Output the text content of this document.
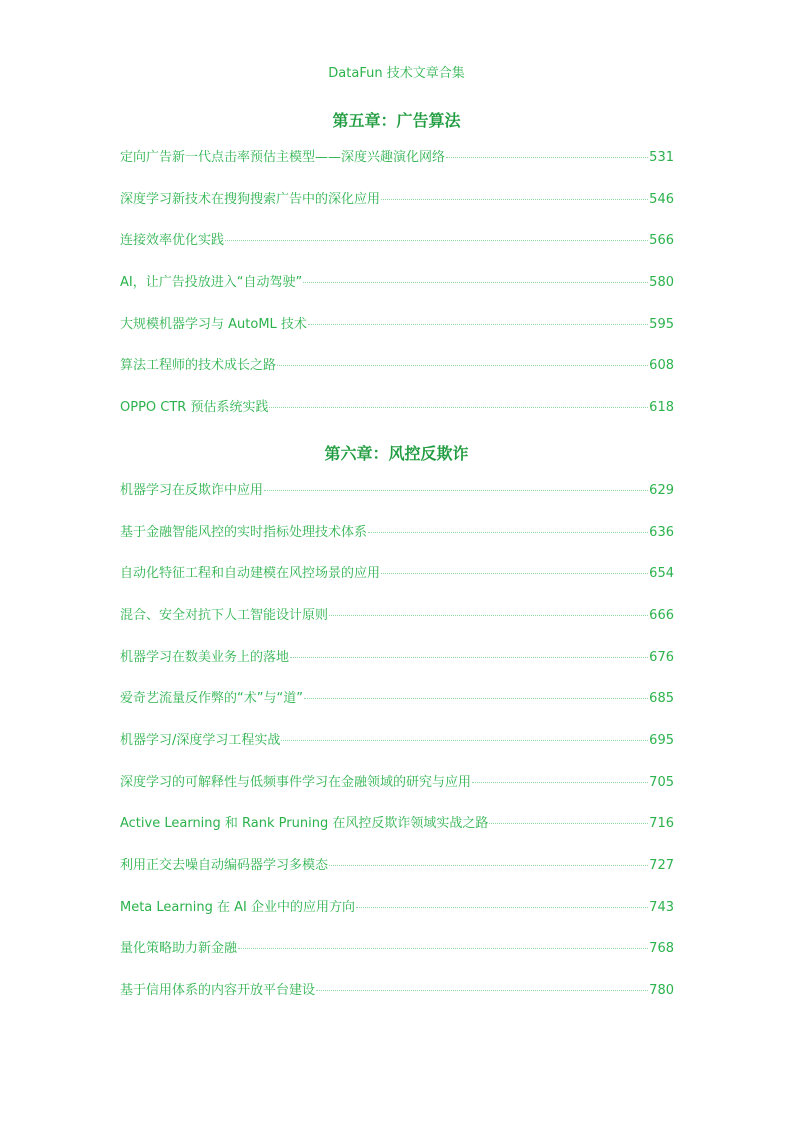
DataFun 技术文章合集
第五章：广告算法
定向广告新一代点击率预估主模型——深度兴趣演化网络	531
深度学习新技术在搜狗搜索广告中的深化应用	546
连接效率优化实践	566
AI，让广告投放进入“自动驾驶”	580
大规模机器学习与 AutoML 技术	595
算法工程师的技术成长之路	608
OPPO CTR 预估系统实践	618
第六章：风控反欺诈
机器学习在反欺诈中应用	629
基于金融智能风控的实时指标处理技术体系	636
自动化特征工程和自动建模在风控场景的应用	654
混合、安全对抗下人工智能设计原则	666
机器学习在数美业务上的落地	676
爱奇艺流量反作弊的“术”与“道”	685
机器学习/深度学习工程实战	695
深度学习的可解释性与低频事件学习在金融领域的研究与应用	705
Active Learning 和 Rank Pruning 在风控反欺诈领域实战之路	716
利用正交去噪自动编码器学习多模态	727
Meta Learning 在 AI 企业中的应用方向	743
量化策略助力新金融	768
基于信用体系的内容开放平台建设	780
